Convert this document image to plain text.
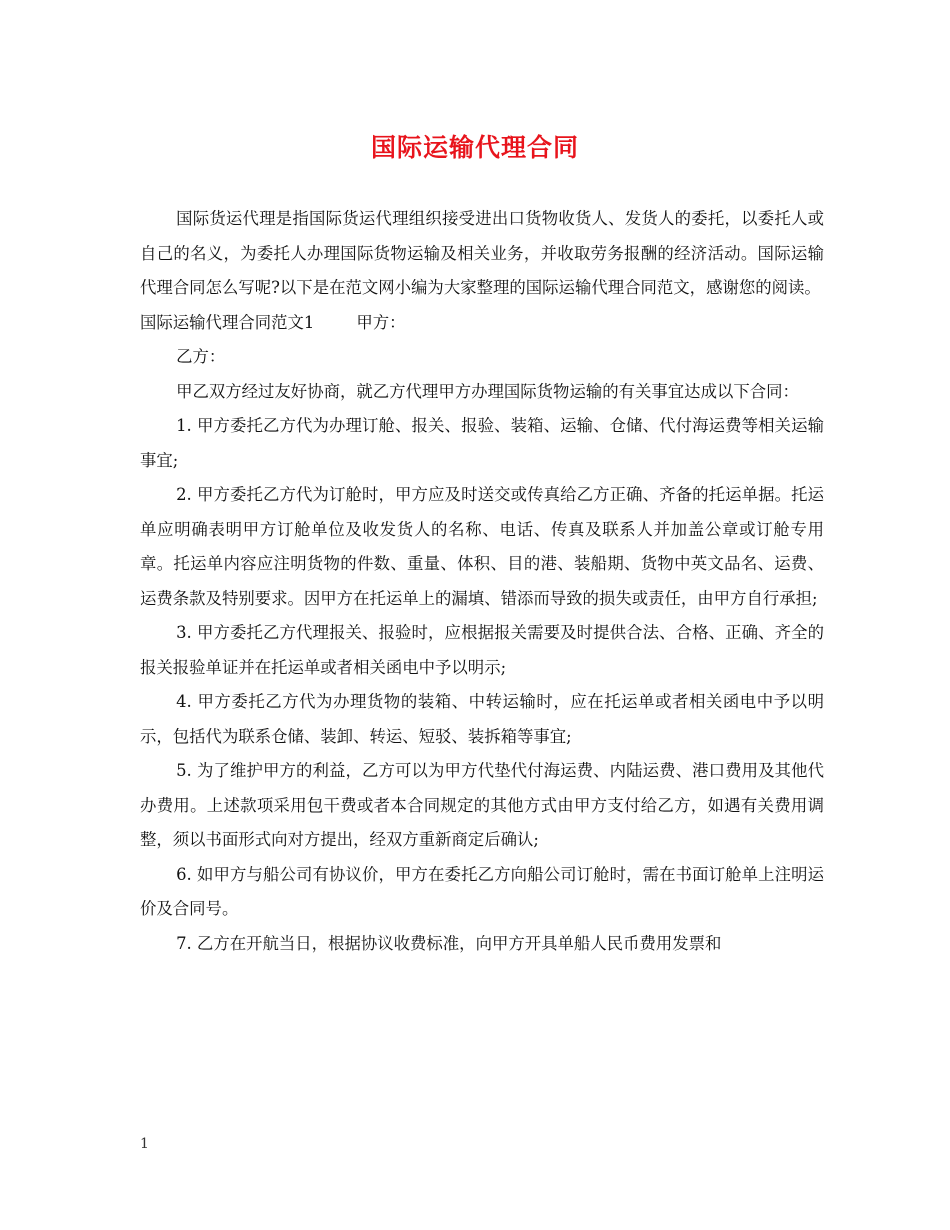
国际运输代理合同

国际货运代理是指国际货运代理组织接受进出口货物收货人、发货人的委托，以委托人或自己的名义，为委托人办理国际货物运输及相关业务，并收取劳务报酬的经济活动。国际运输代理合同怎么写呢?以下是在范文网小编为大家整理的国际运输代理合同范文，感谢您的阅读。

国际运输代理合同范文1	甲方：

乙方：

甲乙双方经过友好协商，就乙方代理甲方办理国际货物运输的有关事宜达成以下合同：

1. 甲方委托乙方代为办理订舱、报关、报验、装箱、运输、仓储、代付海运费等相关运输事宜;

2. 甲方委托乙方代为订舱时，甲方应及时送交或传真给乙方正确、齐备的托运单据。托运单应明确表明甲方订舱单位及收发货人的名称、电话、传真及联系人并加盖公章或订舱专用章。托运单内容应注明货物的件数、重量、体积、目的港、装船期、货物中英文品名、运费、运费条款及特别要求。因甲方在托运单上的漏填、错添而导致的损失或责任，由甲方自行承担;

3. 甲方委托乙方代理报关、报验时，应根据报关需要及时提供合法、合格、正确、齐全的报关报验单证并在托运单或者相关函电中予以明示;

4. 甲方委托乙方代为办理货物的装箱、中转运输时，应在托运单或者相关函电中予以明示，包括代为联系仓储、装卸、转运、短驳、装拆箱等事宜;

5. 为了维护甲方的利益，乙方可以为甲方代垫代付海运费、内陆运费、港口费用及其他代办费用。上述款项采用包干费或者本合同规定的其他方式由甲方支付给乙方，如遇有关费用调整，须以书面形式向对方提出，经双方重新商定后确认;

6. 如甲方与船公司有协议价，甲方在委托乙方向船公司订舱时，需在书面订舱单上注明运价及合同号。

7. 乙方在开航当日，根据协议收费标准，向甲方开具单船人民币费用发票和

1
